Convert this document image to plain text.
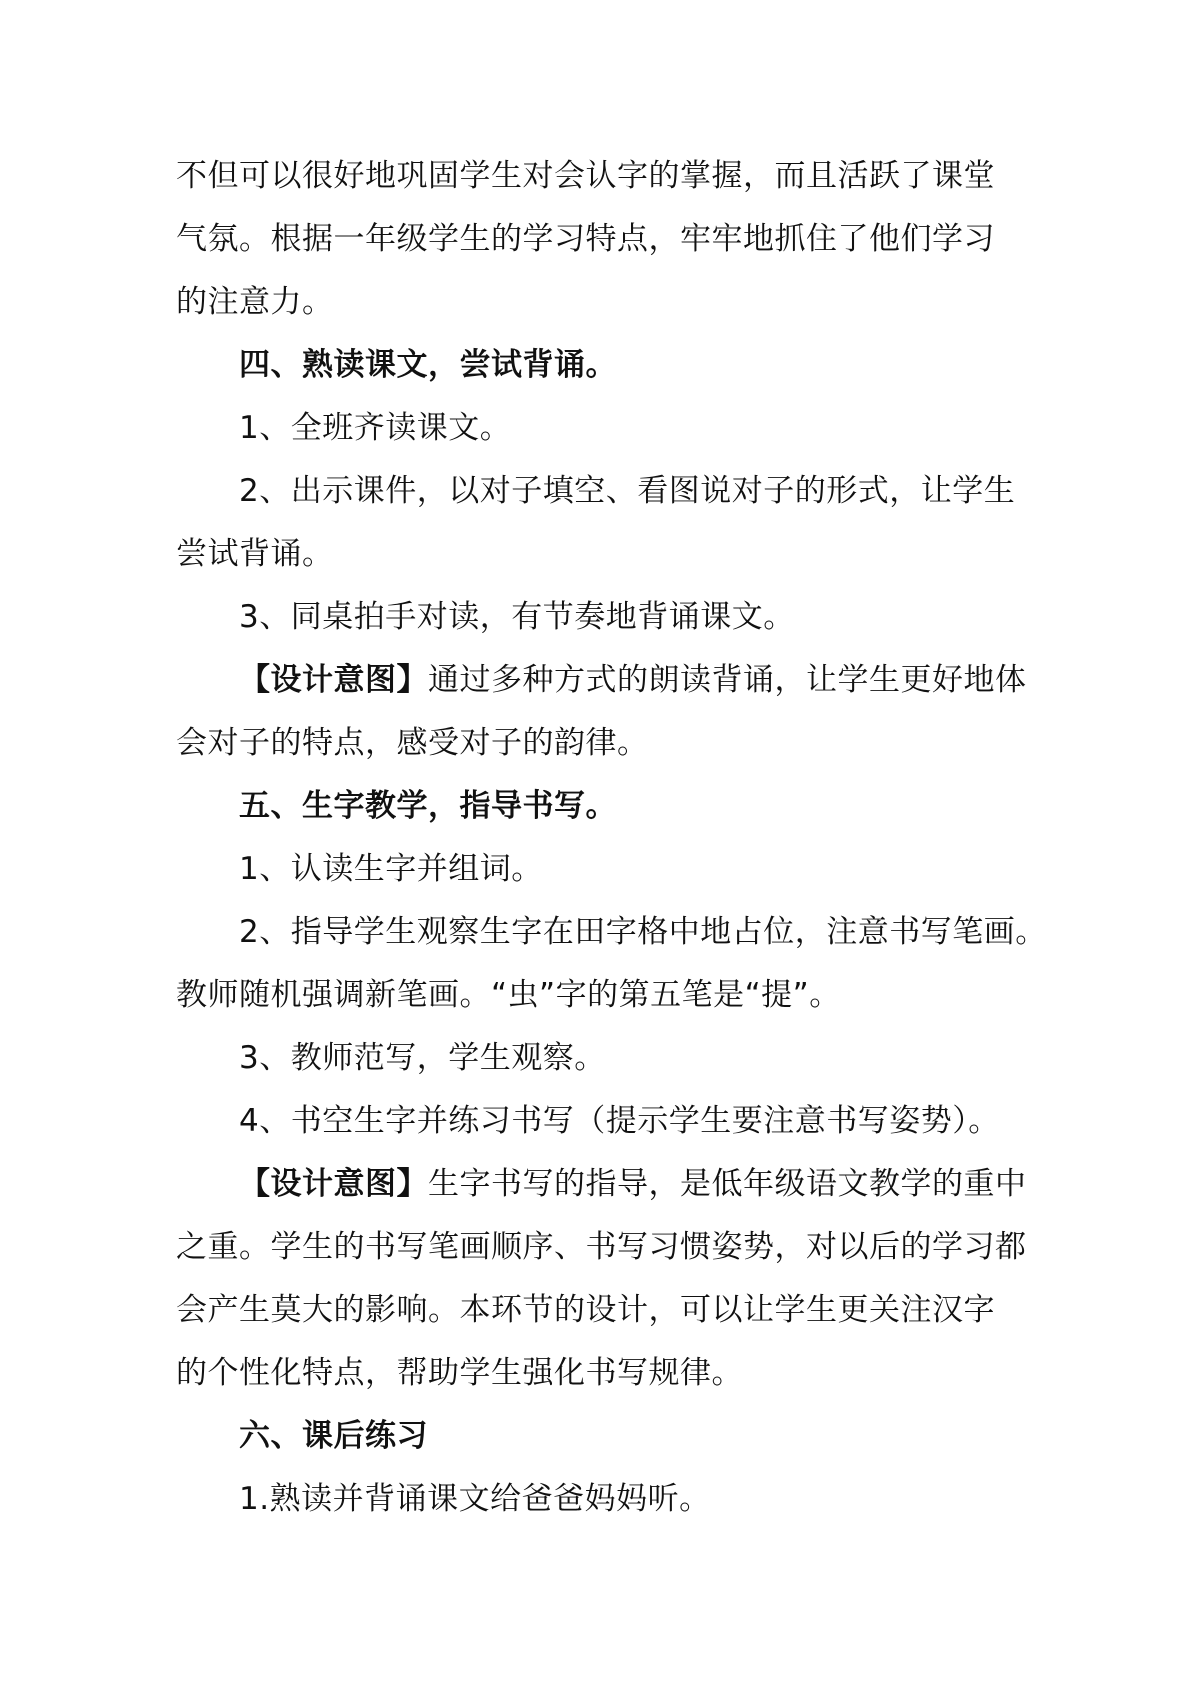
不但可以很好地巩固学生对会认字的掌握，而且活跃了课堂
气氛。根据一年级学生的学习特点，牢牢地抓住了他们学习
的注意力。
四、熟读课文，尝试背诵。
1、全班齐读课文。
2、出示课件，以对子填空、看图说对子的形式，让学生
尝试背诵。
3、同桌拍手对读，有节奏地背诵课文。
【设计意图】通过多种方式的朗读背诵，让学生更好地体
会对子的特点，感受对子的韵律。
五、生字教学，指导书写。
1、认读生字并组词。
2、指导学生观察生字在田字格中地占位，注意书写笔画。
教师随机强调新笔画。“虫”字的第五笔是“提”。
3、教师范写，学生观察。
4、书空生字并练习书写（提示学生要注意书写姿势）。
【设计意图】生字书写的指导，是低年级语文教学的重中
之重。学生的书写笔画顺序、书写习惯姿势，对以后的学习都
会产生莫大的影响。本环节的设计，可以让学生更关注汉字
的个性化特点，帮助学生强化书写规律。
六、课后练习
1.熟读并背诵课文给爸爸妈妈听。
